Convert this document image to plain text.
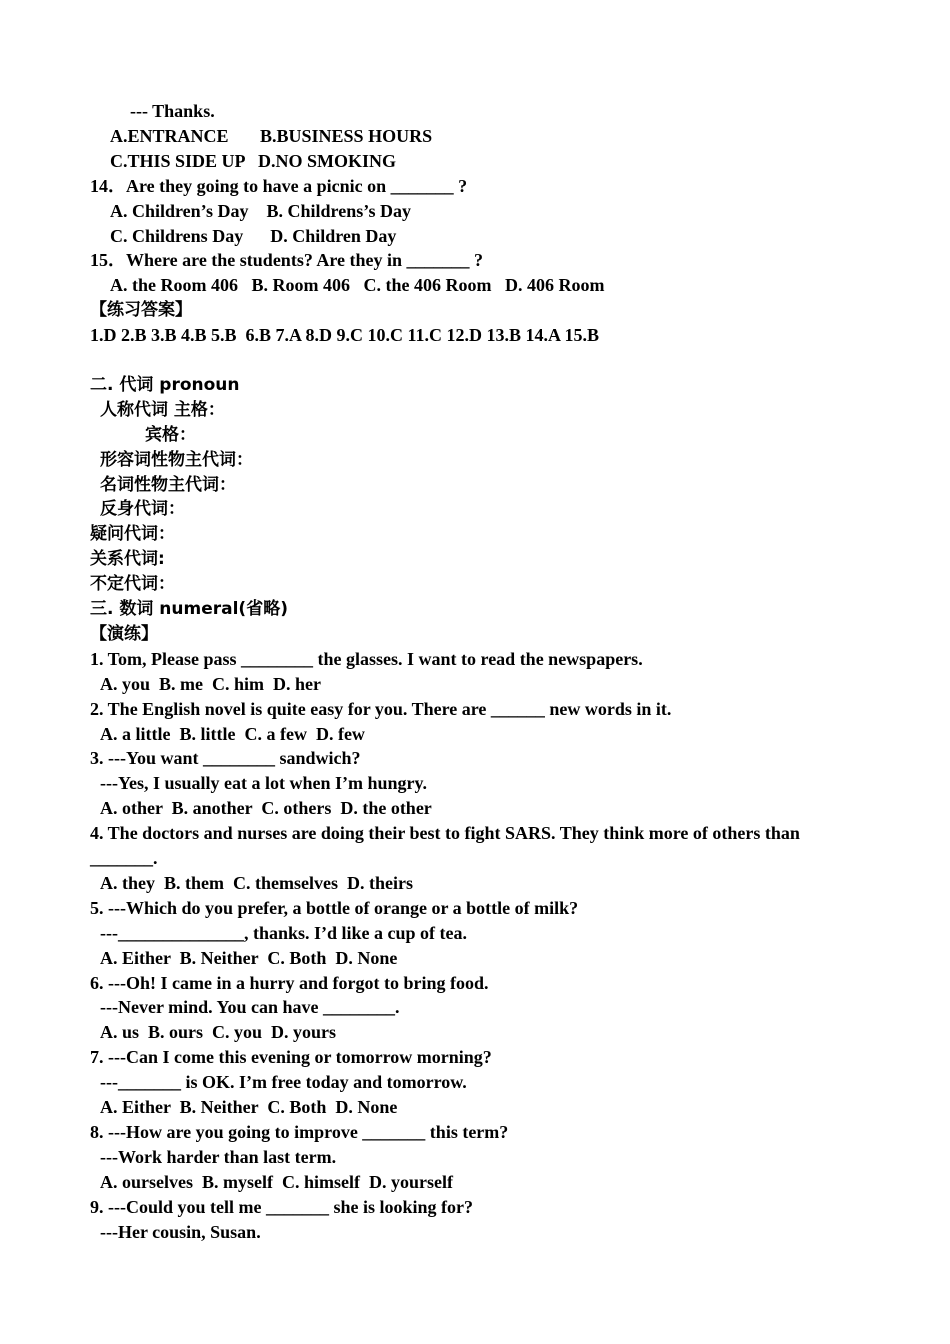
--- Thanks.
A.ENTRANCE       B.BUSINESS HOURS
C.THIS SIDE UP   D.NO SMOKING
14．Are they going to have a picnic on _______ ?
A. Children’s Day    B. Childrens’s Day
C. Childrens Day      D. Children Day
15．Where are the students? Are they in _______ ?
A. the Room 406   B. Room 406   C. the 406 Room   D. 406 Room
【练习答案】
1.D 2.B 3.B 4.B 5.B  6.B 7.A 8.D 9.C 10.C 11.C 12.D 13.B 14.A 15.B
二. 代词 pronoun
人称代词 主格：
宾格：
形容词性物主代词：
名词性物主代词：
反身代词：
疑问代词：
关系代词:
不定代词：
三. 数词 numeral(省略)
【演练】
1. Tom, Please pass ________ the glasses. I want to read the newspapers.
A. you  B. me  C. him  D. her
2. The English novel is quite easy for you. There are ______ new words in it.
A. a little  B. little  C. a few  D. few
3. ---You want ________ sandwich?
---Yes, I usually eat a lot when I’m hungry.
A. other  B. another  C. others  D. the other
4. The doctors and nurses are doing their best to fight SARS. They think more of others than
_______.
A. they  B. them  C. themselves  D. theirs
5. ---Which do you prefer, a bottle of orange or a bottle of milk?
---______________, thanks. I’d like a cup of tea.
A. Either  B. Neither  C. Both  D. None
6. ---Oh! I came in a hurry and forgot to bring food.
---Never mind. You can have ________.
A. us  B. ours  C. you  D. yours
7. ---Can I come this evening or tomorrow morning?
---_______ is OK. I’m free today and tomorrow.
A. Either  B. Neither  C. Both  D. None
8. ---How are you going to improve _______ this term?
---Work harder than last term.
A. ourselves  B. myself  C. himself  D. yourself
9. ---Could you tell me _______ she is looking for?
---Her cousin, Susan.
